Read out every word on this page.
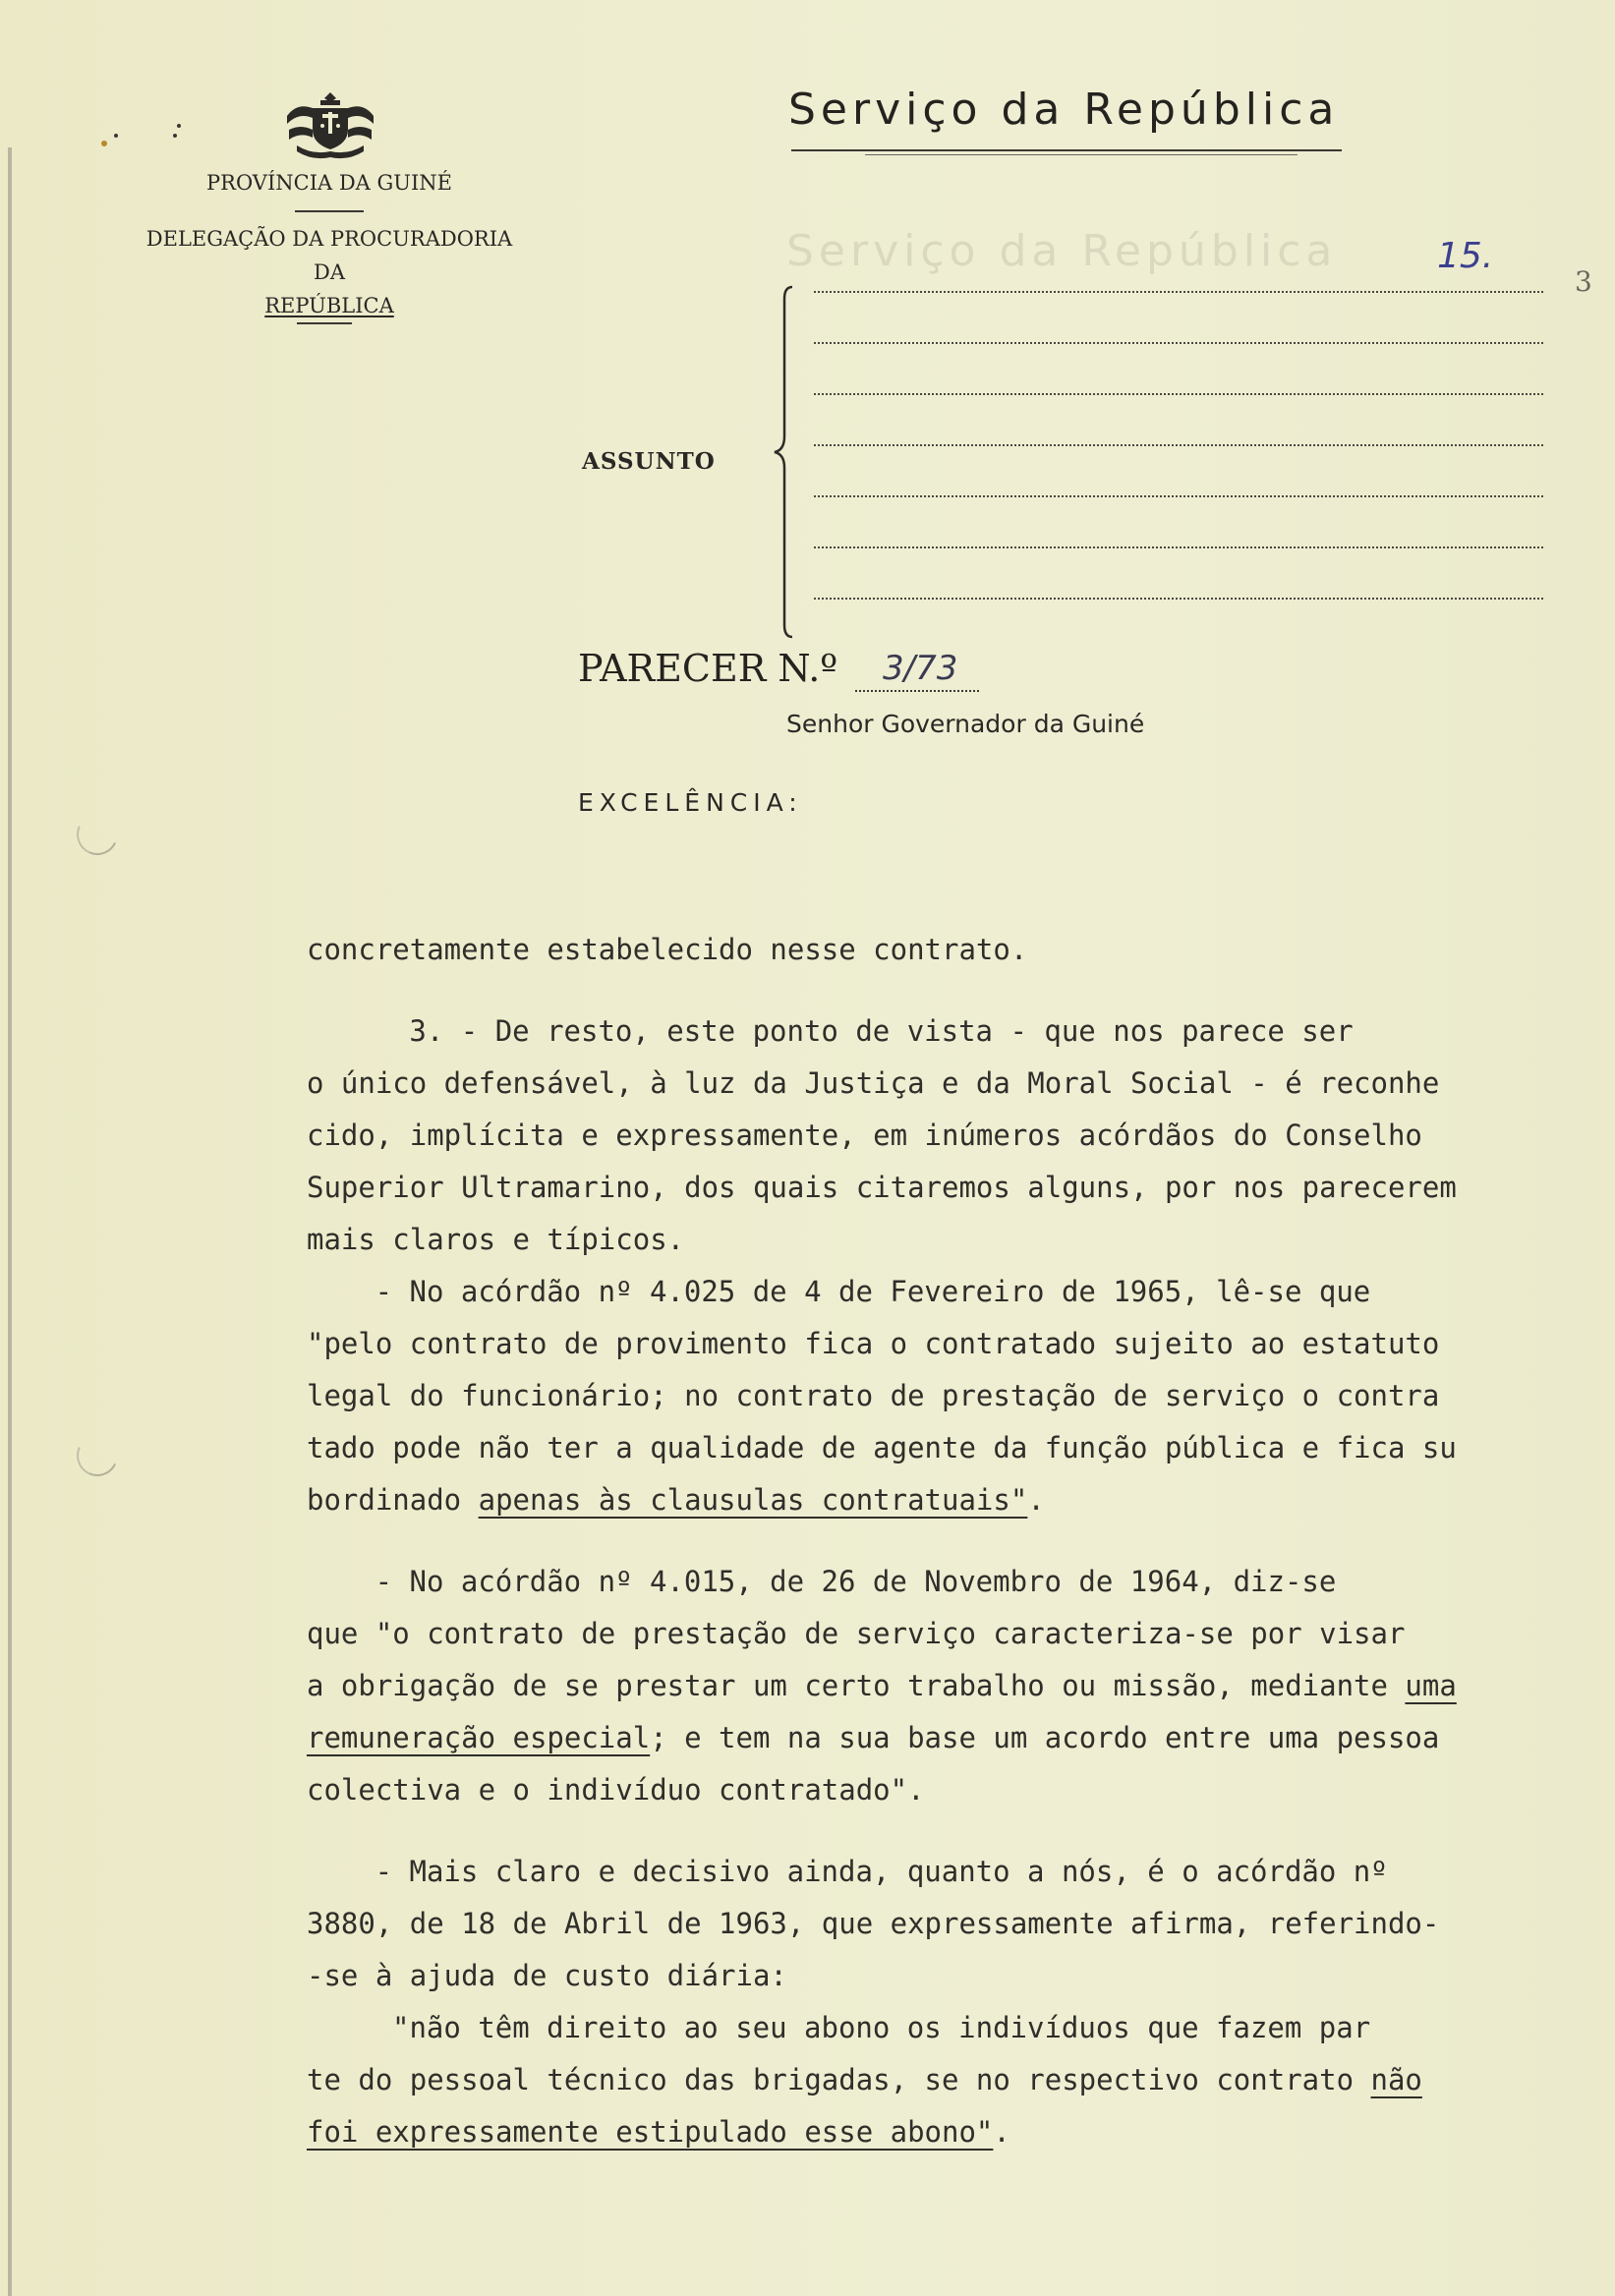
Serviço da República
PROVÍNCIA DA GUINÉ
DELEGAÇÃO DA PROCURADORIA
DA
REPÚBLICA
Serviço da República
3
15.
ASSUNTO
PARECER N.º 3/73
Senhor Governador da Guiné
EXCELÊNCIA:

concretamente estabelecido nesse contrato.

3. - De resto, este ponto de vista - que nos parece ser

o único defensável, à luz da Justiça e da Moral Social - é reconhe

cido, implícita e expressamente, em inúmeros acórdãos do Conselho

Superior Ultramarino, dos quais citaremos alguns, por nos parecerem

mais claros e típicos.

- No acórdão nº 4.025 de 4 de Fevereiro de 1965, lê-se que

"pelo contrato de provimento fica o contratado sujeito ao estatuto

legal do funcionário; no contrato de prestação de serviço o contra

tado pode não ter a qualidade de agente da função pública e fica su

bordinado apenas às clausulas contratuais".

- No acórdão nº 4.015, de 26 de Novembro de 1964, diz-se

que "o contrato de prestação de serviço caracteriza-se por visar

a obrigação de se prestar um certo trabalho ou missão, mediante uma

remuneração especial; e tem na sua base um acordo entre uma pessoa

colectiva e o indivíduo contratado".

- Mais claro e decisivo ainda, quanto a nós, é o acórdão nº

3880, de 18 de Abril de 1963, que expressamente afirma, referindo-

-se à ajuda de custo diária:

"não têm direito ao seu abono os indivíduos que fazem par

te do pessoal técnico das brigadas, se no respectivo contrato não

foi expressamente estipulado esse abono".
